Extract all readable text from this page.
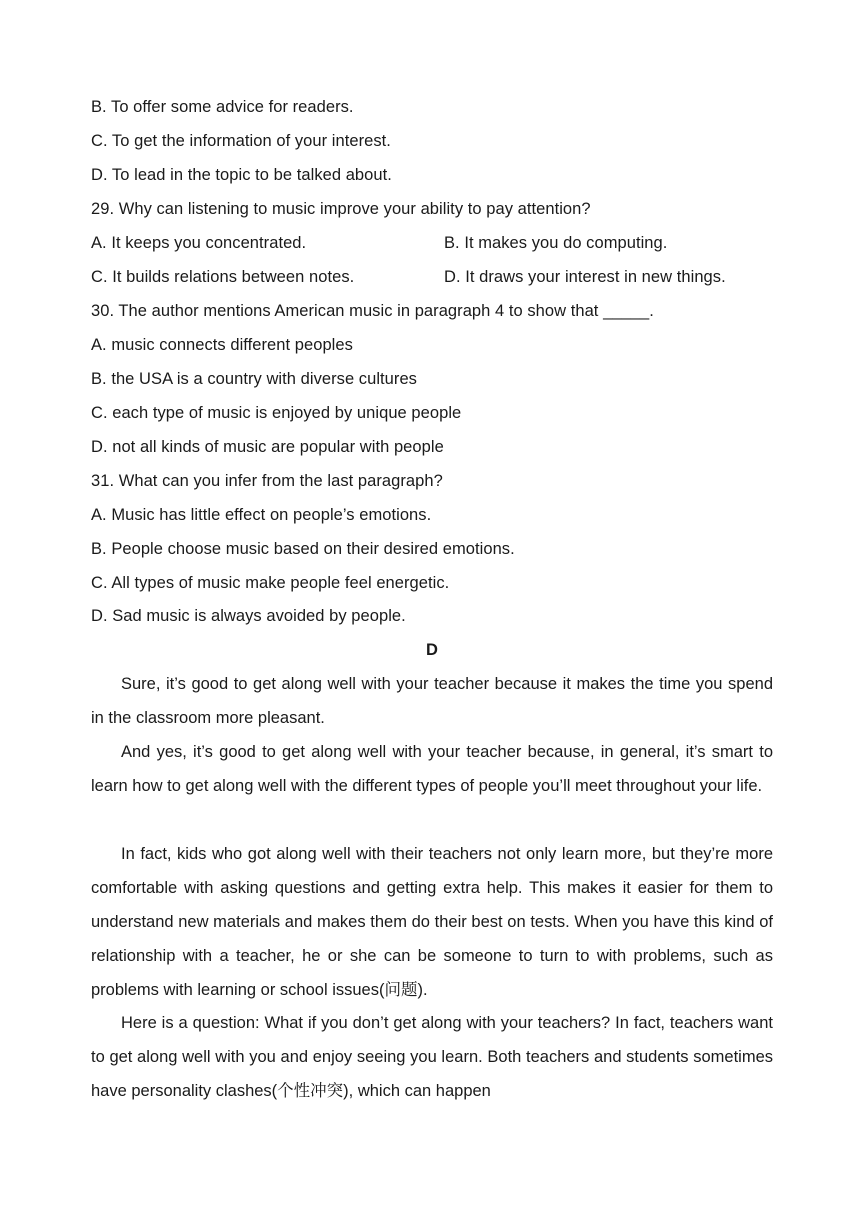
B. To offer some advice for readers.
C. To get the information of your interest.
D. To lead in the topic to be talked about.
29. Why can listening to music improve your ability to pay attention?
A. It keeps you concentrated.	B. It makes you do computing.
C. It builds relations between notes.	D. It draws your interest in new things.
30. The author mentions American music in paragraph 4 to show that _____.
A. music connects different peoples
B. the USA is a country with diverse cultures
C. each type of music is enjoyed by unique people
D. not all kinds of music are popular with people
31. What can you infer from the last paragraph?
A. Music has little effect on people’s emotions.
B. People choose music based on their desired emotions.
C. All types of music make people feel energetic.
D. Sad music is always avoided by people.
D

Sure, it’s good to get along well with your teacher because it makes the time you spend in the classroom more pleasant.

And yes, it’s good to get along well with your teacher because, in general, it’s smart to learn how to get along well with the different types of people you’ll meet throughout your life.

In fact, kids who got along well with their teachers not only learn more, but they’re more comfortable with asking questions and getting extra help. This makes it easier for them to understand new materials and makes them do their best on tests. When you have this kind of relationship with a teacher, he or she can be someone to turn to with problems, such as problems with learning or school issues(问题).

Here is a question: What if you don’t get along with your teachers? In fact, teachers want to get along well with you and enjoy seeing you learn. Both teachers and students sometimes have personality clashes(个性冲突), which can happen
